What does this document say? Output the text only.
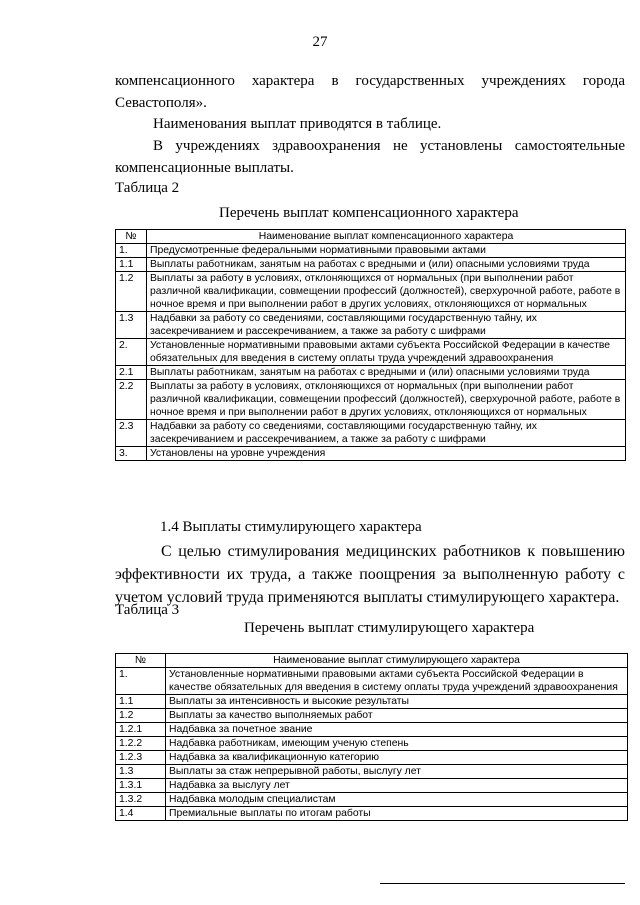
27

компенсационного характера в государственных учреждениях города Севастополя».

Наименования выплат приводятся в таблице.

В учреждениях здравоохранения не установлены самостоятельные компенсационные выплаты.

Таблица 2
Перечень выплат компенсационного характера
№	Наименование выплат компенсационного характера
1.	Предусмотренные федеральными нормативными правовыми актами
1.1	Выплаты работникам, занятым на работах с вредными и (или) опасными условиями труда
1.2	Выплаты за работу в условиях, отклоняющихся от нормальных (при выполнении работ различной квалификации, совмещении профессий (должностей), сверхурочной работе, работе в ночное время и при выполнении работ в других условиях, отклоняющихся от нормальных
1.3	Надбавки за работу со сведениями, составляющими государственную тайну, их засекречиванием и рассекречиванием, а также за работу с шифрами
2.	Установленные нормативными правовыми актами субъекта Российской Федерации в качестве обязательных для введения в систему оплаты труда учреждений здравоохранения
2.1	Выплаты работникам, занятым на работах с вредными и (или) опасными условиями труда
2.2	Выплаты за работу в условиях, отклоняющихся от нормальных (при выполнении работ различной квалификации, совмещении профессий (должностей), сверхурочной работе, работе в ночное время и при выполнении работ в других условиях, отклоняющихся от нормальных
2.3	Надбавки за работу со сведениями, составляющими государственную тайну, их засекречиванием и рассекречиванием, а также за работу с шифрами
3.	Установлены на уровне учреждения
1.4 Выплаты стимулирующего характера

С целью стимулирования медицинских работников к повышению эффективности их труда, а также поощрения за выполненную работу с учетом условий труда применяются выплаты стимулирующего характера.

Таблица 3
Перечень выплат стимулирующего характера
№	Наименование выплат стимулирующего характера
1.	Установленные нормативными правовыми актами субъекта Российской Федерации в качестве обязательных для введения в систему оплаты труда учреждений здравоохранения
1.1	Выплаты за интенсивность и высокие результаты
1.2	Выплаты за качество выполняемых работ
1.2.1	Надбавка за почетное звание
1.2.2	Надбавка работникам, имеющим ученую степень
1.2.3	Надбавка за квалификационную категорию
1.3	Выплаты за стаж непрерывной работы, выслугу лет
1.3.1	Надбавка за выслугу лет
1.3.2	Надбавка молодым специалистам
1.4	Премиальные выплаты по итогам работы
